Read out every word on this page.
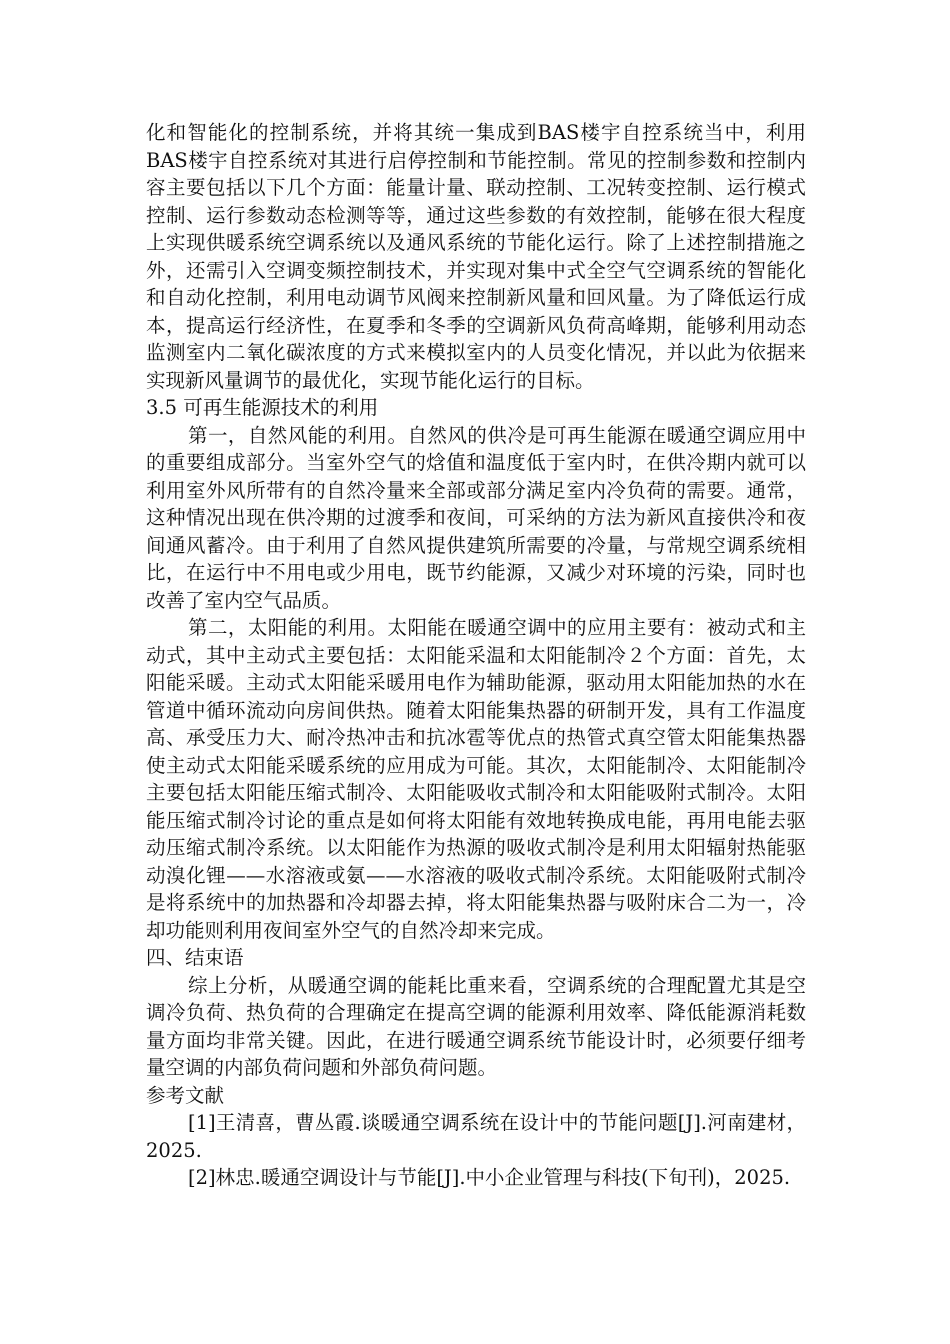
化和智能化的控制系统，并将其统一集成到BAS楼宇自控系统当中，利用BAS楼宇自控系统对其进行启停控制和节能控制。常见的控制参数和控制内容主要包括以下几个方面：能量计量、联动控制、工况转变控制、运行模式控制、运行参数动态检测等等，通过这些参数的有效控制，能够在很大程度上实现供暖系统空调系统以及通风系统的节能化运行。除了上述控制措施之外，还需引入空调变频控制技术，并实现对集中式全空气空调系统的智能化和自动化控制，利用电动调节风阀来控制新风量和回风量。为了降低运行成本，提高运行经济性，在夏季和冬季的空调新风负荷高峰期，能够利用动态监测室内二氧化碳浓度的方式来模拟室内的人员变化情况，并以此为依据来实现新风量调节的最优化，实现节能化运行的目标。

3.5 可再生能源技术的利用

第一，自然风能的利用。自然风的供冷是可再生能源在暖通空调应用中的重要组成部分。当室外空气的焓值和温度低于室内时，在供冷期内就可以利用室外风所带有的自然冷量来全部或部分满足室内冷负荷的需要。通常，这种情况出现在供冷期的过渡季和夜间，可采纳的方法为新风直接供冷和夜间通风蓄冷。由于利用了自然风提供建筑所需要的冷量，与常规空调系统相比，在运行中不用电或少用电，既节约能源，又减少对环境的污染，同时也改善了室内空气品质。

第二，太阳能的利用。太阳能在暖通空调中的应用主要有：被动式和主动式，其中主动式主要包括：太阳能采温和太阳能制冷２个方面：首先，太阳能采暖。主动式太阳能采暖用电作为辅助能源，驱动用太阳能加热的水在管道中循环流动向房间供热。随着太阳能集热器的研制开发，具有工作温度高、承受压力大、耐冷热冲击和抗冰雹等优点的热管式真空管太阳能集热器使主动式太阳能采暖系统的应用成为可能。其次，太阳能制冷、太阳能制冷主要包括太阳能压缩式制冷、太阳能吸收式制冷和太阳能吸附式制冷。太阳能压缩式制冷讨论的重点是如何将太阳能有效地转换成电能，再用电能去驱动压缩式制冷系统。以太阳能作为热源的吸收式制冷是利用太阳辐射热能驱动溴化锂——水溶液或氨——水溶液的吸收式制冷系统。太阳能吸附式制冷是将系统中的加热器和冷却器去掉，将太阳能集热器与吸附床合二为一，冷却功能则利用夜间室外空气的自然冷却来完成。

四、结束语

综上分析，从暖通空调的能耗比重来看，空调系统的合理配置尤其是空调冷负荷、热负荷的合理确定在提高空调的能源利用效率、降低能源消耗数量方面均非常关键。因此，在进行暖通空调系统节能设计时，必须要仔细考量空调的内部负荷问题和外部负荷问题。

参考文献

[1]王清喜，曹丛霞.谈暖通空调系统在设计中的节能问题[J].河南建材，2025.

[2]林忠.暖通空调设计与节能[J].中小企业管理与科技(下旬刊)，2025.
